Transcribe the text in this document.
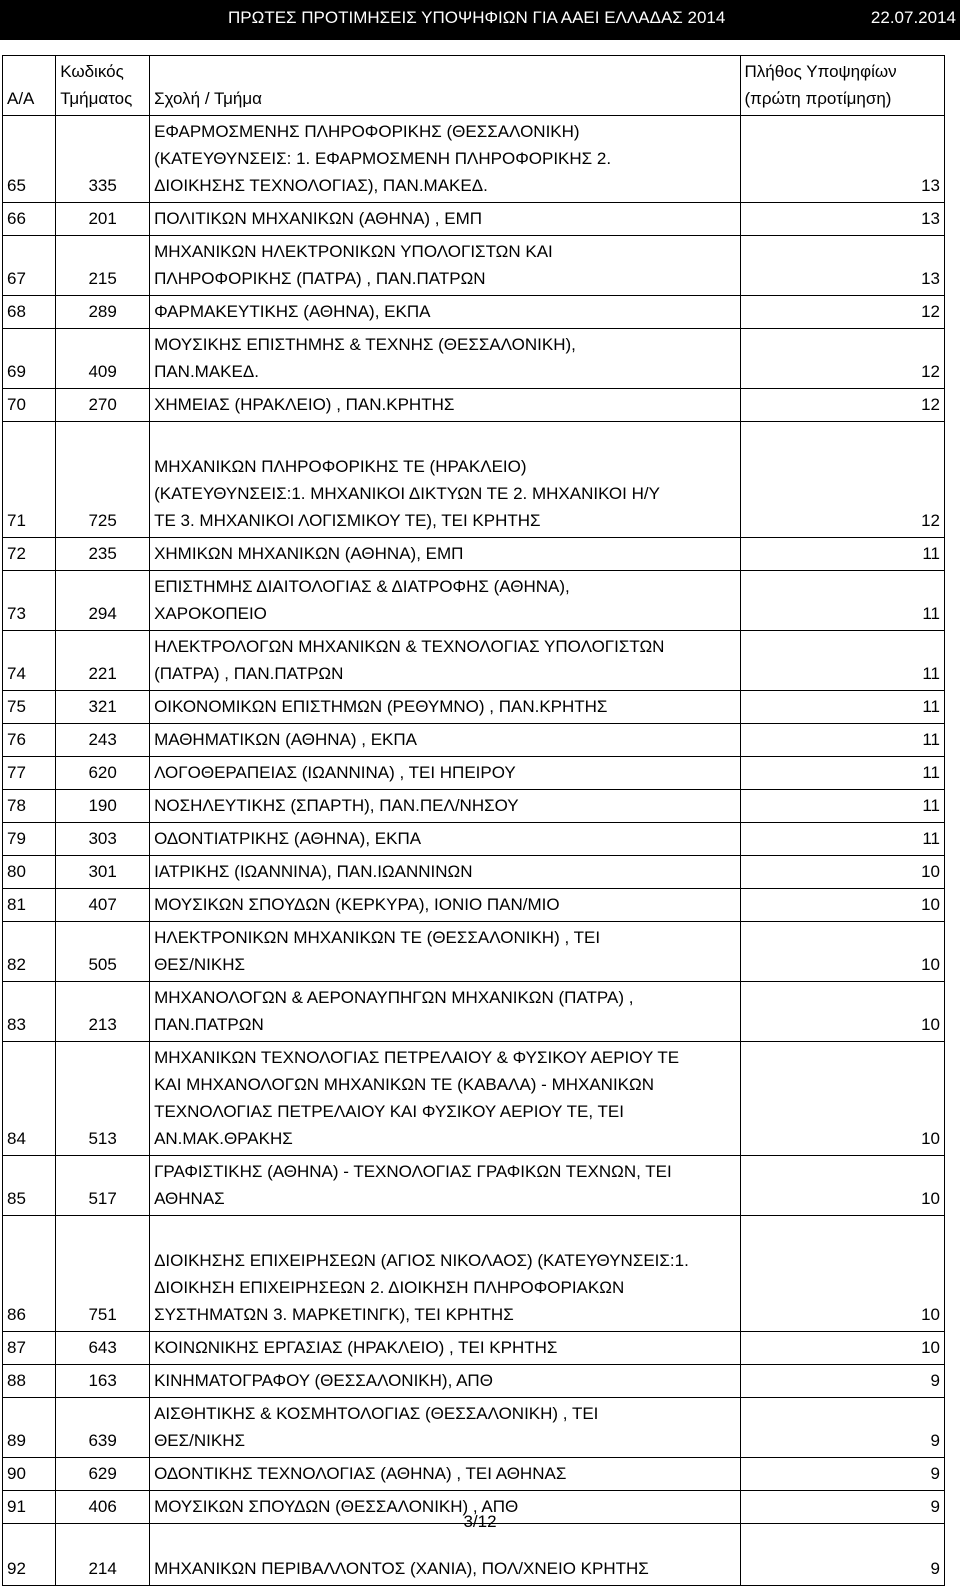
ΠΡΩΤΕΣ ΠΡΟΤΙΜΗΣΕΙΣ ΥΠΟΨΗΦΙΩΝ ΓΙΑ ΑΑΕΙ ΕΛΛΑΔΑΣ 2014	22.07.2014
Α/Α	Κωδικός
Τμήματος	Σχολή / Τμήμα	Πλήθος Υποψηφίων
(πρώτη προτίμηση)
65	335	ΕΦΑΡΜΟΣΜΕΝΗΣ ΠΛΗΡΟΦΟΡΙΚΗΣ (ΘΕΣΣΑΛΟΝΙΚΗ)
(ΚΑΤΕΥΘΥΝΣΕΙΣ: 1. ΕΦΑΡΜΟΣΜΕΝΗ ΠΛΗΡΟΦΟΡΙΚΗΣ 2.
ΔΙΟΙΚΗΣΗΣ ΤΕΧΝΟΛΟΓΙΑΣ), ΠΑΝ.ΜΑΚΕΔ.	13
66	201	ΠΟΛΙΤΙΚΩΝ ΜΗΧΑΝΙΚΩΝ (ΑΘΗΝΑ) , ΕΜΠ	13
67	215	ΜΗΧΑΝΙΚΩΝ ΗΛΕΚΤΡΟΝΙΚΩΝ ΥΠΟΛΟΓΙΣΤΩΝ ΚΑΙ
ΠΛΗΡΟΦΟΡΙΚΗΣ (ΠΑΤΡΑ) , ΠΑΝ.ΠΑΤΡΩΝ	13
68	289	ΦΑΡΜΑΚΕΥΤΙΚΗΣ (ΑΘΗΝΑ), ΕΚΠΑ	12
69	409	ΜΟΥΣΙΚΗΣ ΕΠΙΣΤΗΜΗΣ & ΤΕΧΝΗΣ (ΘΕΣΣΑΛΟΝΙΚΗ),
ΠΑΝ.ΜΑΚΕΔ.	12
70	270	ΧΗΜΕΙΑΣ (ΗΡΑΚΛΕΙΟ) , ΠΑΝ.ΚΡΗΤΗΣ	12
71	725	ΜΗΧΑΝΙΚΩΝ ΠΛΗΡΟΦΟΡΙΚΗΣ ΤΕ (ΗΡΑΚΛΕΙΟ)
(ΚΑΤΕΥΘΥΝΣΕΙΣ:1. ΜΗΧΑΝΙΚΟΙ ΔΙΚΤΥΩΝ ΤΕ 2. ΜΗΧΑΝΙΚΟΙ Η/Υ
ΤΕ 3. ΜΗΧΑΝΙΚΟΙ ΛΟΓΙΣΜΙΚΟΥ ΤΕ), ΤΕΙ ΚΡΗΤΗΣ	12
72	235	ΧΗΜΙΚΩΝ ΜΗΧΑΝΙΚΩΝ (ΑΘΗΝΑ), ΕΜΠ	11
73	294	ΕΠΙΣΤΗΜΗΣ ΔΙΑΙΤΟΛΟΓΙΑΣ & ΔΙΑΤΡΟΦΗΣ (ΑΘΗΝΑ),
ΧΑΡΟΚΟΠΕΙΟ	11
74	221	ΗΛΕΚΤΡΟΛΟΓΩΝ ΜΗΧΑΝΙΚΩΝ & ΤΕΧΝΟΛΟΓΙΑΣ ΥΠΟΛΟΓΙΣΤΩΝ
(ΠΑΤΡΑ) , ΠΑΝ.ΠΑΤΡΩΝ	11
75	321	ΟΙΚΟΝΟΜΙΚΩΝ ΕΠΙΣΤΗΜΩΝ (ΡΕΘΥΜΝΟ) , ΠΑΝ.ΚΡΗΤΗΣ	11
76	243	ΜΑΘΗΜΑΤΙΚΩΝ (ΑΘΗΝΑ) , ΕΚΠΑ	11
77	620	ΛΟΓΟΘΕΡΑΠΕΙΑΣ (ΙΩΑΝΝΙΝΑ) , ΤΕΙ ΗΠΕΙΡΟΥ	11
78	190	ΝΟΣΗΛΕΥΤΙΚΗΣ (ΣΠΑΡΤΗ), ΠΑΝ.ΠΕΛ/ΝΗΣΟΥ	11
79	303	ΟΔΟΝΤΙΑΤΡΙΚΗΣ (ΑΘΗΝΑ), ΕΚΠΑ	11
80	301	ΙΑΤΡΙΚΗΣ (ΙΩΑΝΝΙΝΑ), ΠΑΝ.ΙΩΑΝΝΙΝΩΝ	10
81	407	ΜΟΥΣΙΚΩΝ ΣΠΟΥΔΩΝ (ΚΕΡΚΥΡΑ), ΙΟΝΙΟ ΠΑΝ/ΜΙΟ	10
82	505	ΗΛΕΚΤΡΟΝΙΚΩΝ ΜΗΧΑΝΙΚΩΝ ΤΕ (ΘΕΣΣΑΛΟΝΙΚΗ) , ΤΕΙ
ΘΕΣ/ΝΙΚΗΣ	10
83	213	ΜΗΧΑΝΟΛΟΓΩΝ & ΑΕΡΟΝΑΥΠΗΓΩΝ ΜΗΧΑΝΙΚΩΝ (ΠΑΤΡΑ) ,
ΠΑΝ.ΠΑΤΡΩΝ	10
84	513	ΜΗΧΑΝΙΚΩΝ ΤΕΧΝΟΛΟΓΙΑΣ ΠΕΤΡΕΛΑΙΟΥ & ΦΥΣΙΚΟΥ ΑΕΡΙΟΥ ΤΕ
ΚΑΙ ΜΗΧΑΝΟΛΟΓΩΝ ΜΗΧΑΝΙΚΩΝ ΤΕ (ΚΑΒΑΛΑ) - ΜΗΧΑΝΙΚΩΝ
ΤΕΧΝΟΛΟΓΙΑΣ ΠΕΤΡΕΛΑΙΟΥ ΚΑΙ ΦΥΣΙΚΟΥ ΑΕΡΙΟΥ ΤΕ, ΤΕΙ
ΑΝ.ΜΑΚ.ΘΡΑΚΗΣ	10
85	517	ΓΡΑΦΙΣΤΙΚΗΣ (ΑΘΗΝΑ) - ΤΕΧΝΟΛΟΓΙΑΣ ΓΡΑΦΙΚΩΝ ΤΕΧΝΩΝ, ΤΕΙ
ΑΘΗΝΑΣ	10
86	751	ΔΙΟΙΚΗΣΗΣ ΕΠΙΧΕΙΡΗΣΕΩΝ (ΑΓΙΟΣ ΝΙΚΟΛΑΟΣ) (ΚΑΤΕΥΘΥΝΣΕΙΣ:1.
ΔΙΟΙΚΗΣΗ ΕΠΙΧΕΙΡΗΣΕΩΝ 2. ΔΙΟΙΚΗΣΗ ΠΛΗΡΟΦΟΡΙΑΚΩΝ
ΣΥΣΤΗΜΑΤΩΝ 3. ΜΑΡΚΕΤΙΝΓΚ), ΤΕΙ ΚΡΗΤΗΣ	10
87	643	ΚΟΙΝΩΝΙΚΗΣ ΕΡΓΑΣΙΑΣ (ΗΡΑΚΛΕΙΟ) , ΤΕΙ ΚΡΗΤΗΣ	10
88	163	ΚΙΝΗΜΑΤΟΓΡΑΦΟΥ (ΘΕΣΣΑΛΟΝΙΚΗ), ΑΠΘ	9
89	639	ΑΙΣΘΗΤΙΚΗΣ & ΚΟΣΜΗΤΟΛΟΓΙΑΣ (ΘΕΣΣΑΛΟΝΙΚΗ) , ΤΕΙ
ΘΕΣ/ΝΙΚΗΣ	9
90	629	ΟΔΟΝΤΙΚΗΣ ΤΕΧΝΟΛΟΓΙΑΣ (ΑΘΗΝΑ) , ΤΕΙ ΑΘΗΝΑΣ	9
91	406	ΜΟΥΣΙΚΩΝ ΣΠΟΥΔΩΝ (ΘΕΣΣΑΛΟΝΙΚΗ) , ΑΠΘ	9
92	214	ΜΗΧΑΝΙΚΩΝ ΠΕΡΙΒΑΛΛΟΝΤΟΣ (ΧΑΝΙΑ), ΠΟΛ/ΧΝΕΙΟ ΚΡΗΤΗΣ	9
3/12
